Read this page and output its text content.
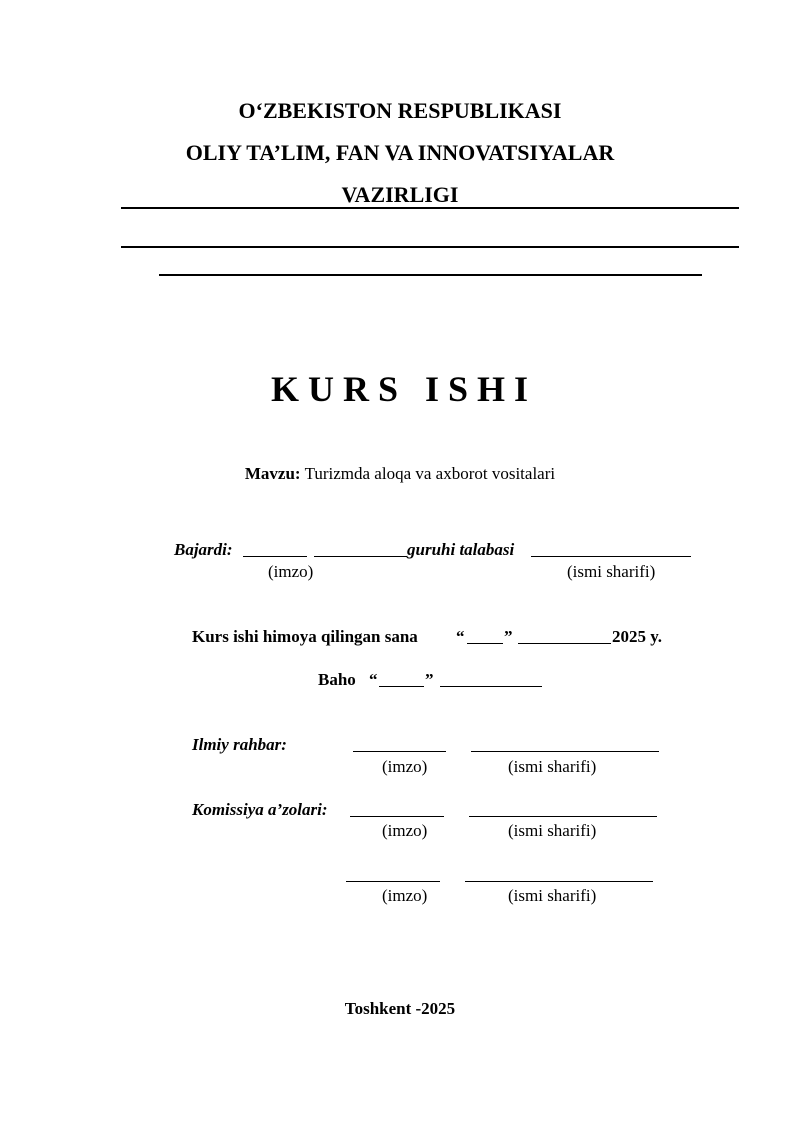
O‘ZBEKISTON RESPUBLIKASI
OLIY TA’LIM, FAN VA INNOVATSIYALAR
VAZIRLIGI
KURS ISHI
Mavzu: Turizmda aloqa va axborot vositalari
Bajardi:	guruhi talabasi
(imzo)	(ismi sharifi)
Kurs ishi himoya qilingan sana “ ”	2025 y.
Baho “	”
Ilmiy rahbar:
(imzo)	(ismi sharifi)
Komissiya a’zolari:
(imzo)	(ismi sharifi)
(imzo)	(ismi sharifi)
Toshkent -2025
